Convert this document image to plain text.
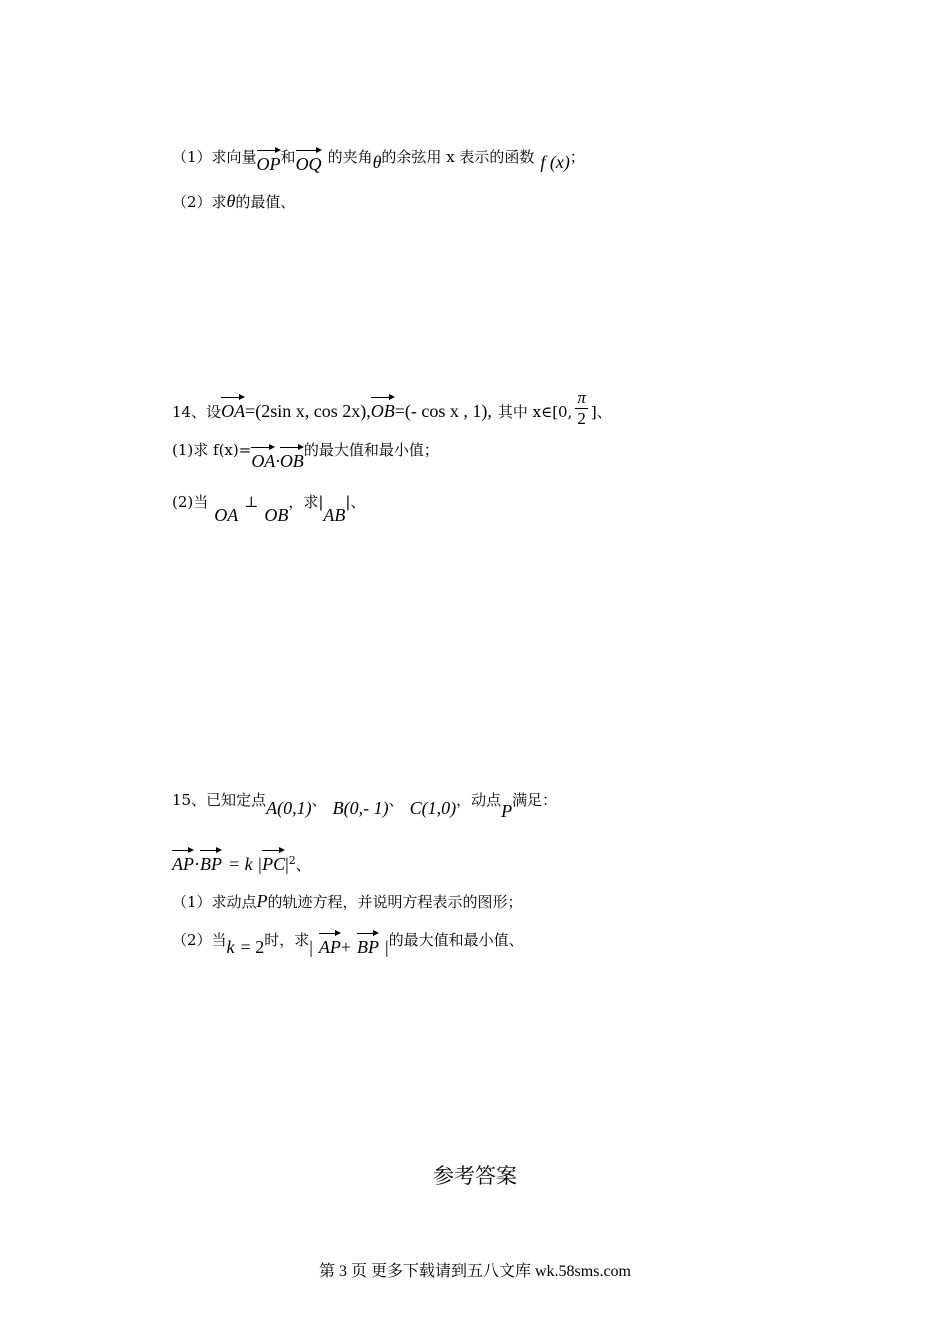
（1）求向量OP和OQ 的夹角θ的余弦用 x 表示的函数 f (x)；
（2）求θ的最值、
14、设OA=(2sin x, cos 2x),OB=(- cos x , 1), 其中 x∈[0, $\frac{\pi}{2}$ ]、
(1)求 f(x)=OA·OB的最大值和最小值；
(2)当OA⊥OB，求|AB|、
15、已知定点A(0,1)、 B(0,- 1)、 C(1,0)，动点P满足：
AP·BP = k $|PC|^2$、
（1）求动点P的轨迹方程，并说明方程表示的图形；
（2）当k = 2时，求| AP+ BP |的最大值和最小值、
参考答案
第 3 页 更多下载请到五八文库 wk.58sms.com
